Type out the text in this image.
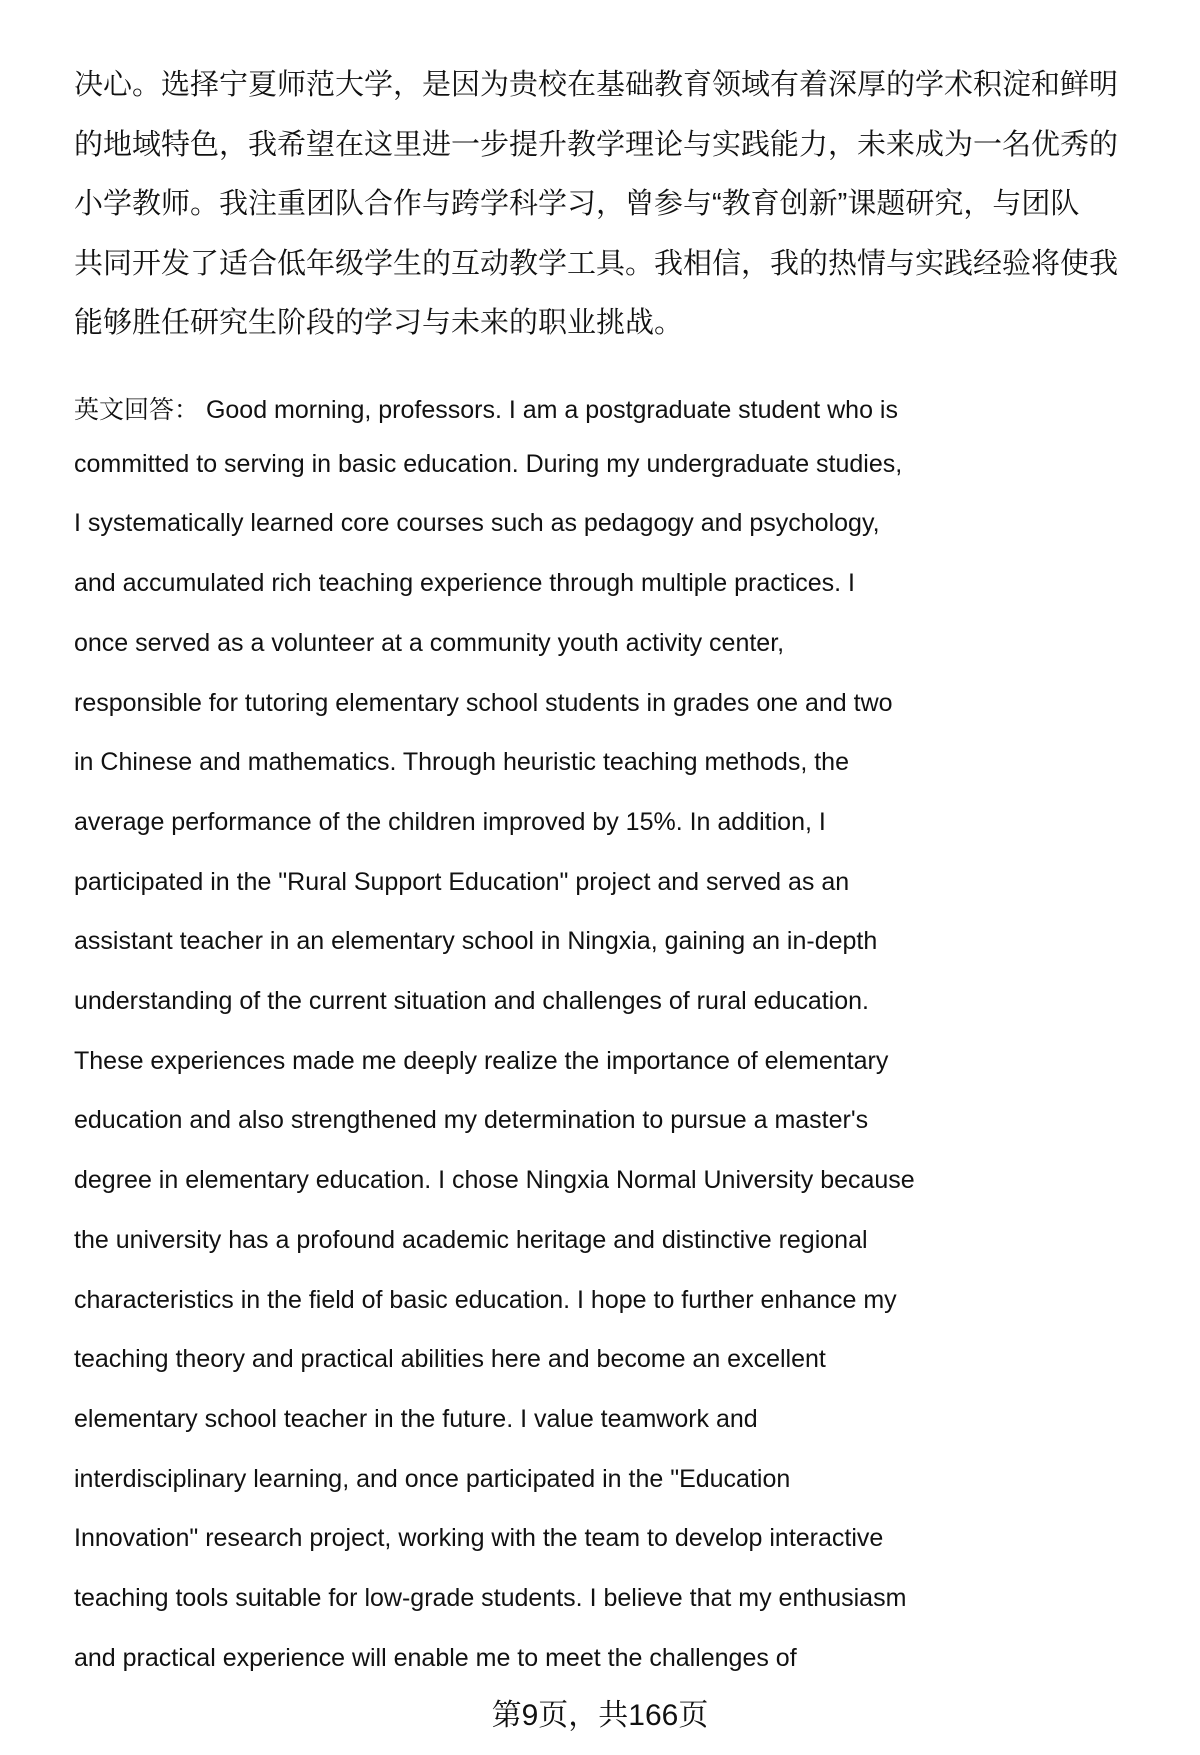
决心。选择宁夏师范大学，是因为贵校在基础教育领域有着深厚的学术积淀和鲜明
的地域特色，我希望在这里进一步提升教学理论与实践能力，未来成为一名优秀的
小学教师。我注重团队合作与跨学科学习，曾参与“教育创新”课题研究，与团队
共同开发了适合低年级学生的互动教学工具。我相信，我的热情与实践经验将使我
能够胜任研究生阶段的学习与未来的职业挑战。
英文回答： Good morning, professors. I am a postgraduate student who is
committed to serving in basic education. During my undergraduate studies,
I systematically learned core courses such as pedagogy and psychology,
and accumulated rich teaching experience through multiple practices. I
once served as a volunteer at a community youth activity center,
responsible for tutoring elementary school students in grades one and two
in Chinese and mathematics. Through heuristic teaching methods, the
average performance of the children improved by 15%. In addition, I
participated in the "Rural Support Education" project and served as an
assistant teacher in an elementary school in Ningxia, gaining an in-depth
understanding of the current situation and challenges of rural education.
These experiences made me deeply realize the importance of elementary
education and also strengthened my determination to pursue a master's
degree in elementary education. I chose Ningxia Normal University because
the university has a profound academic heritage and distinctive regional
characteristics in the field of basic education. I hope to further enhance my
teaching theory and practical abilities here and become an excellent
elementary school teacher in the future. I value teamwork and
interdisciplinary learning, and once participated in the "Education
Innovation" research project, working with the team to develop interactive
teaching tools suitable for low-grade students. I believe that my enthusiasm
and practical experience will enable me to meet the challenges of
第9页，共166页
